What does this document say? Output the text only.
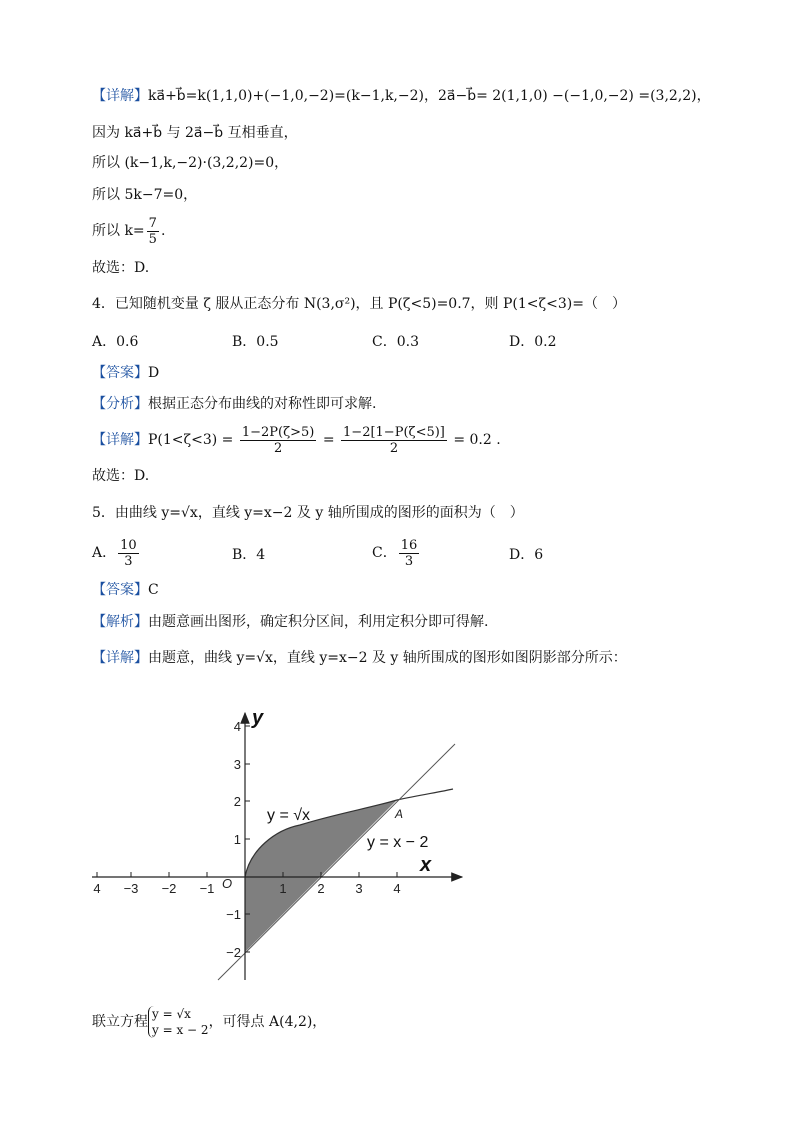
【详解】ka⃗+b⃗=k(1,1,0)+(−1,0,−2)=(k−1,k,−2)，2a⃗−b⃗= 2(1,1,0) −(−1,0,−2) =(3,2,2)，
因为 ka⃗+b⃗ 与 2a⃗−b⃗ 互相垂直，
所以 (k−1,k,−2)·(3,2,2)=0，
所以 5k−7=0，
所以 $k= \frac{7}{5}$ .
故选：D.
4．已知随机变量 ζ 服从正态分布 N(3,σ²)，且 P(ζ<5)=0.7，则 P(1<ζ<3)=（　）
A．0.6	B．0.5	C．0.3	D．0.2
【答案】D
【分析】根据正态分布曲线的对称性即可求解.
【详解】$P(1<\zeta<3) = \frac{1-2P(\zeta>5)}{2} = \frac{1-2[1-P(\zeta<5)]}{2} = 0.2$ .
故选：D.
5．由曲线 y=√x，直线 y=x−2 及 y 轴所围成的图形的面积为（　）
A． $\frac{10}{3}$	B．4	C． $\frac{16}{3}$	D．6
【答案】C
【解析】由题意画出图形，确定积分区间，利用定积分即可得解.
【详解】由题意，曲线 y=√x，直线 y=x−2 及 y 轴所围成的图形如图阴影部分所示：
4 −3 −2 −1	1 2 3 4
4
3
2
1
−1
−2
y
x
O
A
y = √x
y = x − 2
联立方程 y = √x
y = x − 2 ，可得点 A(4,2)，
